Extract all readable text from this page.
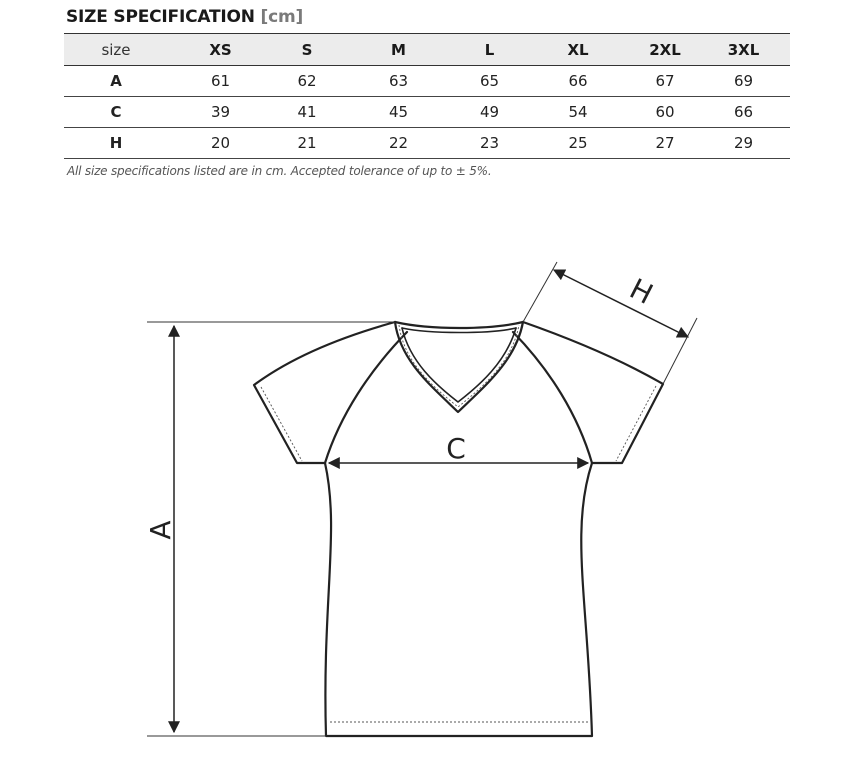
SIZE SPECIFICATION [cm]
size	XS	S	M	L	XL	2XL	3XL
A	61	62	63	65	66	67	69
C	39	41	45	49	54	60	66
H	20	21	22	23	25	27	29
All size specifications listed are in cm. Accepted tolerance of up to ± 5%.
A
C
H
